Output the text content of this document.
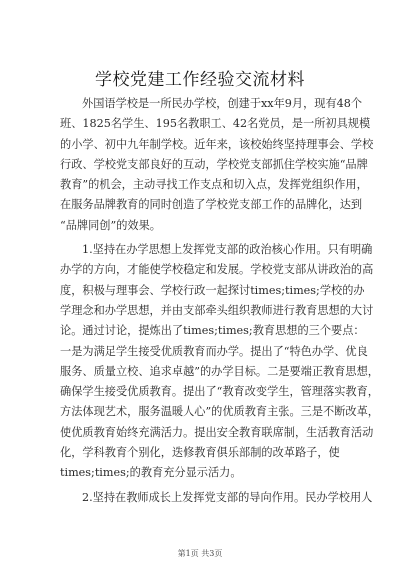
学校党建工作经验交流材料
外国语学校是一所民办学校，创建于xx年9月，现有48个
班、1825名学生、195名教职工、42名党员，是一所初具规模
的小学、初中九年制学校。近年来，该校始终坚持理事会、学校
行政、学校党支部良好的互动，学校党支部抓住学校实施“品牌
教育”的机会，主动寻找工作支点和切入点，发挥党组织作用，
在服务品牌教育的同时创造了学校党支部工作的品牌化，达到
“品牌同创”的效果。
1.坚持在办学思想上发挥党支部的政治核心作用。只有明确
办学的方向，才能使学校稳定和发展。学校党支部从讲政治的高
度，积极与理事会、学校行政一起探讨times;times;学校的办
学理念和办学思想，并由支部牵头组织教师进行教育思想的大讨
论。通过讨论，提炼出了times;times;教育思想的三个要点：
一是为满足学生接受优质教育而办学。提出了“特色办学、优良
服务、质量立校、追求卓越”的办学目标。二是要端正教育思想，
确保学生接受优质教育。提出了“教育改变学生，管理落实教育，
方法体现艺术，服务温暖人心”的优质教育主张。三是不断改革，
使优质教育始终充满活力。提出安全教育联席制，生活教育活动
化，学科教育个别化，迭修教育俱乐部制的改革路子，使
times;times;的教育充分显示活力。
2.坚持在教师成长上发挥党支部的导向作用。民办学校用人
第1页 共3页
